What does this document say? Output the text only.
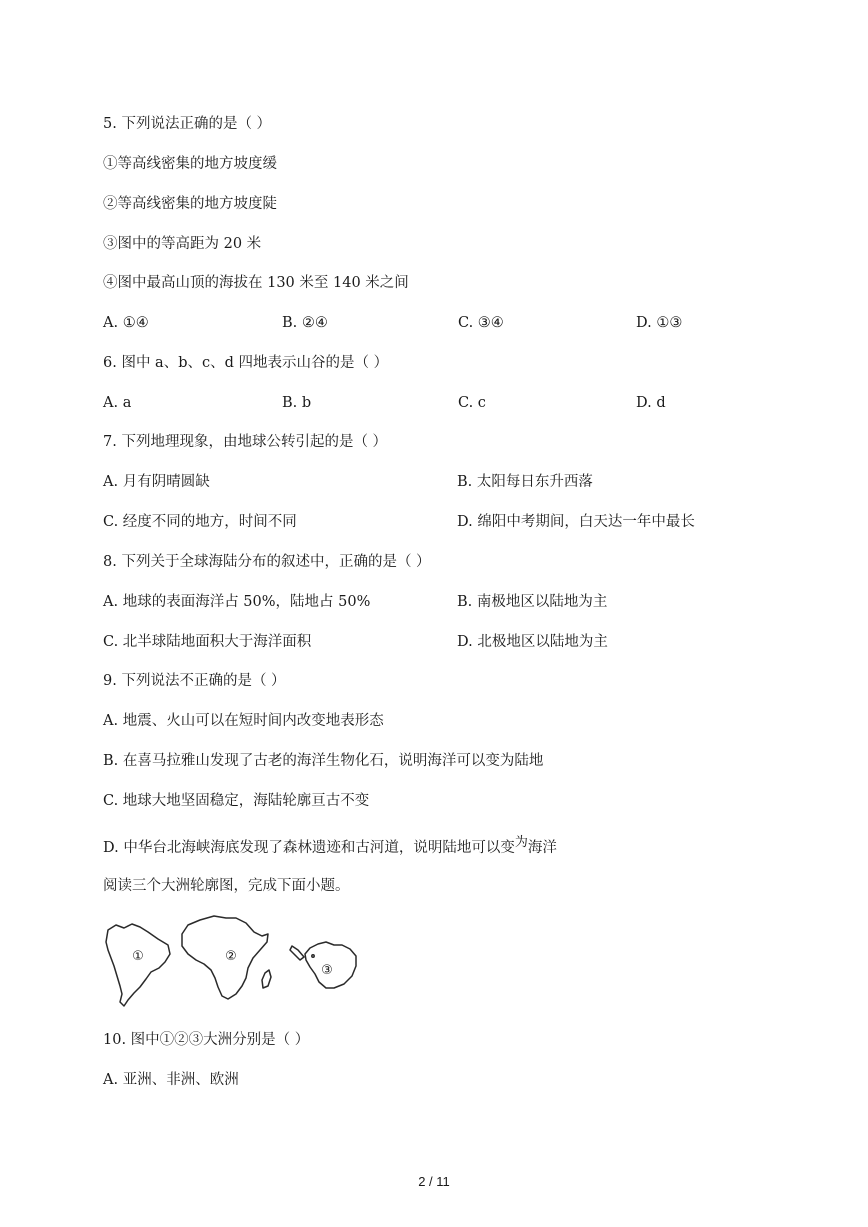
5. 下列说法正确的是（ ）
①等高线密集的地方坡度缓
②等高线密集的地方坡度陡
③图中的等高距为 20 米
④图中最高山顶的海拔在 130 米至 140 米之间
A. ①④	B. ②④	C. ③④	D. ①③
6. 图中 a、b、c、d 四地表示山谷的是（ ）
A. a	B. b	C. c	D. d
7. 下列地理现象，由地球公转引起的是（ ）
A. 月有阴晴圆缺	B. 太阳每日东升西落
C. 经度不同的地方，时间不同	D. 绵阳中考期间，白天达一年中最长
8. 下列关于全球海陆分布的叙述中，正确的是（ ）
A. 地球的表面海洋占 50%，陆地占 50%	B. 南极地区以陆地为主
C. 北半球陆地面积大于海洋面积	D. 北极地区以陆地为主
9. 下列说法不正确的是（ ）
A. 地震、火山可以在短时间内改变地表形态
B. 在喜马拉雅山发现了古老的海洋生物化石，说明海洋可以变为陆地
C. 地球大地坚固稳定，海陆轮廓亘古不变
D. 中华台北海峡海底发现了森林遗迹和古河道，说明陆地可以变为海洋
阅读三个大洲轮廓图，完成下面小题。
①	②
③
10. 图中①②③大洲分别是（ ）
A. 亚洲、非洲、欧洲
2 / 11
